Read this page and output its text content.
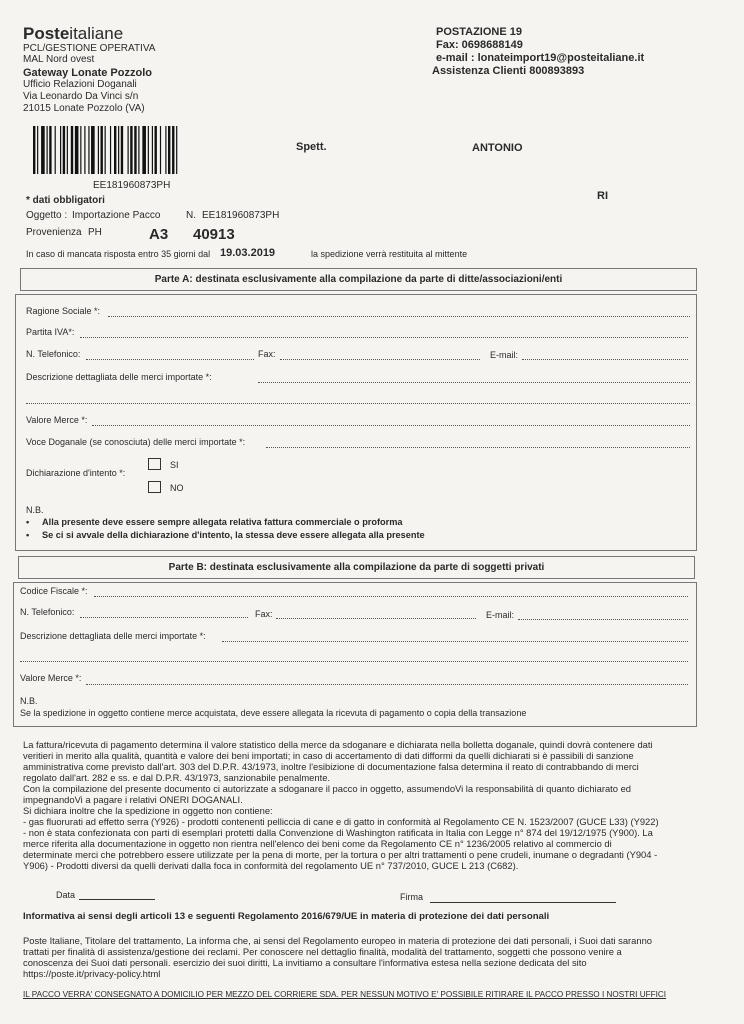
Posteitaliane
PCL/GESTIONE OPERATIVA
MAL Nord ovest
Gateway Lonate Pozzolo
Ufficio Relazioni Doganali
Via Leonardo Da Vinci s/n
21015 Lonate Pozzolo (VA)
POSTAZIONE 19
Fax: 0698688149
e-mail : lonateimport19@posteitaliane.it
Assistenza Clienti 800893893
EE181960873PH
Spett.	ANTONIO
RI
* dati obbligatori
Oggetto : Importazione Pacco	N. EE181960873PH
Provenienza PH	A3 40913
In caso di mancata risposta entro 35 giorni dal 19.03.2019	la spedizione verrà restituita al mittente
Parte A: destinata esclusivamente alla compilazione da parte di ditte/associazioni/enti
Ragione Sociale *:
Partita IVA*:
N. Telefonico:	Fax:	E-mail:
Descrizione dettagliata delle merci importate *:
Valore Merce *:
Voce Doganale (se conosciuta) delle merci importate *:
Dichiarazione d'intento *:
SI
NO
N.B.
• Alla presente deve essere sempre allegata relativa fattura commerciale o proforma
• Se ci si avvale della dichiarazione d'intento, la stessa deve essere allegata alla presente
Parte B: destinata esclusivamente alla compilazione da parte di soggetti privati
Codice Fiscale *:
N. Telefonico:	Fax:	E-mail:
Descrizione dettagliata delle merci importate *:
Valore Merce *:
N.B.
Se la spedizione in oggetto contiene merce acquistata, deve essere allegata la ricevuta di pagamento o copia della transazione
La fattura/ricevuta di pagamento determina il valore statistico della merce da sdoganare e dichiarata nella bolletta doganale, quindi dovrà contenere dati
veritieri in merito alla qualità, quantità e valore dei beni importati; in caso di accertamento di dati difformi da quelli dichiarati si è passibili di sanzione
amministrativa come previsto dall'art. 303 del D.P.R. 43/1973, inoltre l'esibizione di documentazione falsa determina il reato di contrabbando di merci
regolato dall'art. 282 e ss. e dal D.P.R. 43/1973, sanzionabile penalmente.
Con la compilazione del presente documento ci autorizzate a sdoganare il pacco in oggetto, assumendoVi la responsabilità di quanto dichiarato ed
impegnandoVi a pagare i relativi ONERI DOGANALI.
Si dichiara inoltre che la spedizione in oggetto non contiene:
- gas fluorurati ad effetto serra (Y926) - prodotti contenenti pelliccia di cane e di gatto in conformità al Regolamento CE N. 1523/2007 (GUCE L33) (Y922)
- non è stata confezionata con parti di esemplari protetti dalla Convenzione di Washington ratificata in Italia con Legge n° 874 del 19/12/1975 (Y900). La
merce riferita alla documentazione in oggetto non rientra nell'elenco dei beni come da Regolamento CE n° 1236/2005 relativo al commercio di
determinate merci che potrebbero essere utilizzate per la pena di morte, per la tortura o per altri trattamenti o pene crudeli, inumane o degradanti (Y904 -
Y906) - Prodotti diversi da quelli derivati dalla foca in conformità del regolamento UE n° 737/2010, GUCE L 213 (C682).
Data	Firma
Informativa ai sensi degli articoli 13 e seguenti Regolamento 2016/679/UE in materia di protezione dei dati personali
Poste Italiane, Titolare del trattamento, La informa che, ai sensi del Regolamento europeo in materia di protezione dei dati personali, i Suoi dati saranno
trattati per finalità di assistenza/gestione dei reclami. Per conoscere nel dettaglio finalità, modalità del trattamento, soggetti che possono venire a
conoscenza dei Suoi dati personali. esercizio dei suoi diritti, La invitiamo a consultare l'informativa estesa nella sezione dedicata del sito
https://poste.it/privacy-policy.html
IL PACCO VERRA' CONSEGNATO A DOMICILIO PER MEZZO DEL CORRIERE SDA. PER NESSUN MOTIVO E' POSSIBILE RITIRARE IL PACCO PRESSO I NOSTRI UFFICI
